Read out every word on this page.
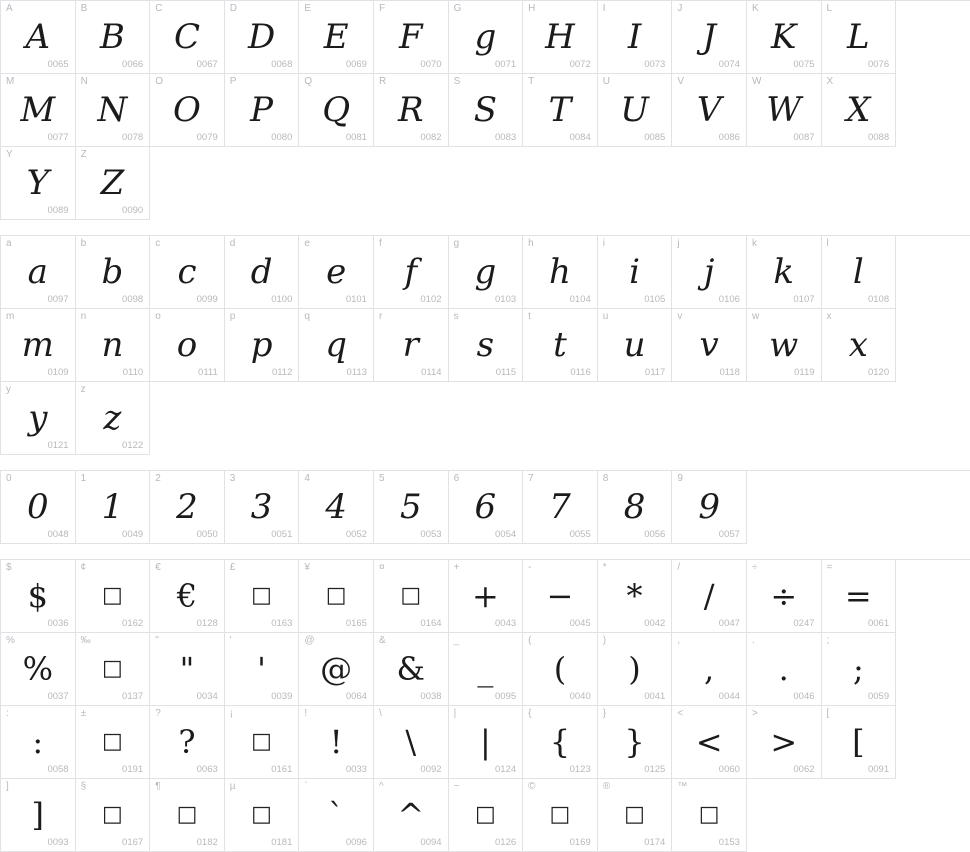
A
A
0065
B
B
0066
C
C
0067
D
D
0068
E
E
0069
F
F
0070
G
g
0071
H
H
0072
I
I
0073
J
J
0074
K
K
0075
L
L
0076
M
M
0077
N
N
0078
O
O
0079
P
P
0080
Q
Q
0081
R
R
0082
S
S
0083
T
T
0084
U
U
0085
V
V
0086
W
W
0087
X
X
0088
Y
Y
0089
Z
Z
0090
a
a
0097
b
b
0098
c
c
0099
d
d
0100
e
e
0101
f
f
0102
g
g
0103
h
h
0104
i
i
0105
j
j
0106
k
k
0107
l
l
0108
m
m
0109
n
n
0110
o
o
0111
p
p
0112
q
q
0113
r
r
0114
s
s
0115
t
t
0116
u
u
0117
v
v
0118
w
w
0119
x
x
0120
y
y
0121
z
z
0122
0
0
0048
1
1
0049
2
2
0050
3
3
0051
4
4
0052
5
5
0053
6
6
0054
7
7
0055
8
8
0056
9
9
0057
$
$
0036
¢
□
0162
€
€
0128
£
□
0163
¥
□
0165
¤
□
0164
+
+
0043
-
−
0045
*
*
0042
/
/
0047
÷
÷
0247
=
=
0061
%
%
0037
‰
□
0137
"
"
0034
'
'
0039
@
@
0064
&
&
0038
_
_
0095
(
(
0040
)
)
0041
,
,
0044
.
.
0046
;
;
0059
:
:
0058
±
□
0191
?
?
0063
¡
□
0161
!
!
0033
\
\
0092
|
|
0124
{
{
0123
}
}
0125
<
<
0060
>
>
0062
[
[
0091
]
]
0093
§
□
0167
¶
□
0182
µ
□
0181
`
`
0096
^
^
0094
~
□
0126
©
□
0169
®
□
0174
™
□
0153
